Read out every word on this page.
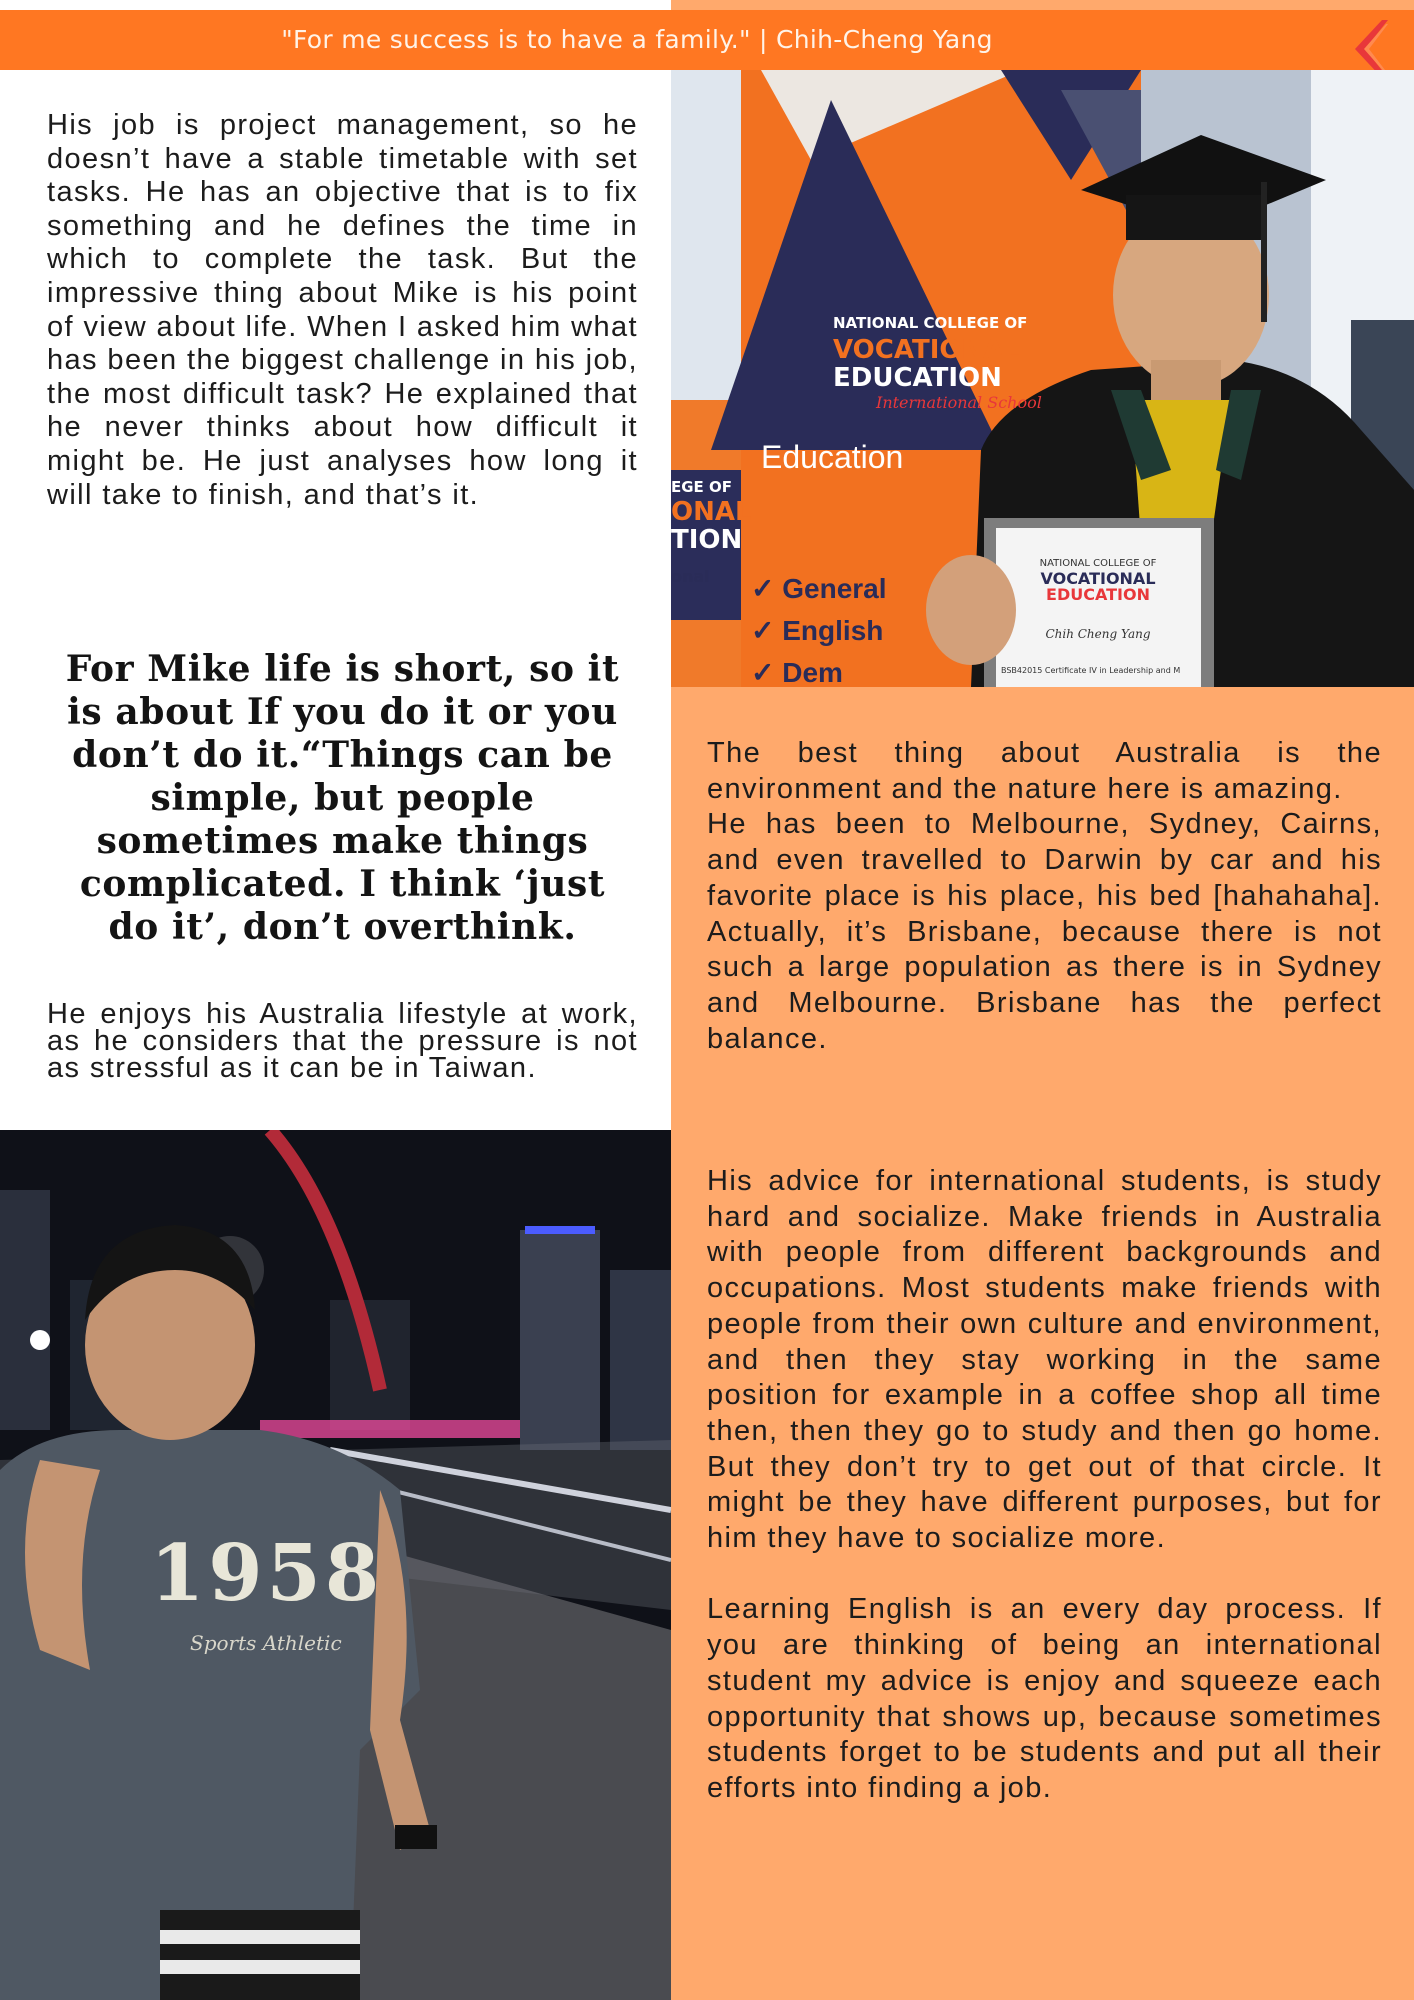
"For me success is to have a family." | Chih-Cheng Yang
NATIONAL COLLEGE OF
VOCATIONAL
EDUCATION
International School
Education
✓ General
✓ English
✓ Dem
EGE OF
ONAL
TION
onal
NATIONAL COLLEGE OF
VOCATIONAL
EDUCATION
Chih Cheng Yang
BSB42015 Certificate IV in Leadership and M
1958
Sports Athletic
His job is project management, so he doesn’t have a stable timetable with set tasks. He has an objective that is to fix something and he defines the time in which to complete the task. But the impressive thing about Mike is his point of view about life. When I asked him what has been the biggest challenge in his job, the most difficult task? He explained that he never thinks about how difficult it might be. He just analyses how long it will take to finish, and that’s it.
For Mike life is short, so it is about If you do it or you don’t do it.“Things can be simple, but people sometimes make things complicated. I think ‘just do it’, don’t overthink.
He enjoys his Australia lifestyle at work, as he considers that the pressure is not as stressful as it can be in Taiwan.

The best thing about Australia is the environment and the nature here is amazing.

He has been to Melbourne, Sydney, Cairns, and even travelled to Darwin by car and his favorite place is his place, his bed [hahahaha]. Actually, it’s Brisbane, because there is not such a large population as there is in Sydney and Melbourne. Brisbane has the perfect balance.

His advice for international students, is study hard and socialize. Make friends in Australia with people from different backgrounds and occupations. Most students make friends with people from their own culture and environment, and then they stay working in the same position for example in a coffee shop all time then, then they go to study and then go home. But they don’t try to get out of that circle. It might be they have different purposes, but for him they have to socialize more.

Learning English is an every day process. If you are thinking of being an international student my advice is enjoy and squeeze each opportunity that shows up, because sometimes students forget to be students and put all their efforts into finding a job.
